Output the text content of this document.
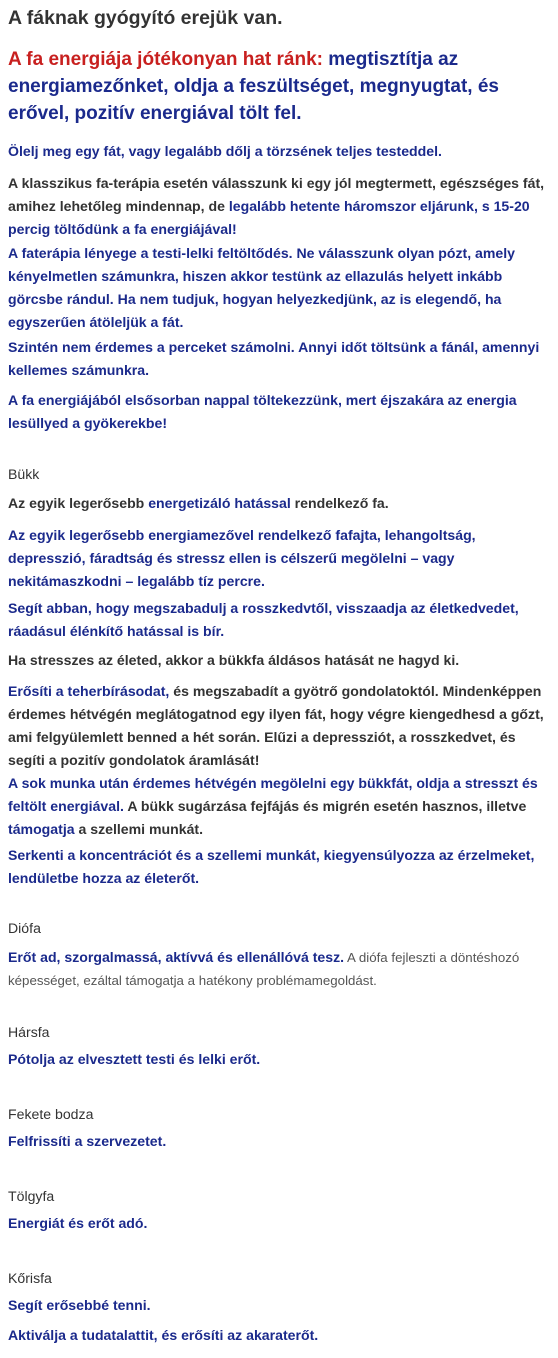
A fáknak gyógyító erejük van.
A fa energiája jótékonyan hat ránk: megtisztítja az energiamezőnket, oldja a feszültséget, megnyugtat, és erővel, pozitív energiával tölt fel.
Ölelj meg egy fát, vagy legalább dőlj a törzsének teljes testeddel.
A klasszikus fa-terápia esetén válasszunk ki egy jól megtermett, egészséges fát, amihez lehetőleg mindennap, de legalább hetente háromszor eljárunk, s 15-20 percig töltődünk a fa energiájával!
A faterápia lényege a testi-lelki feltöltődés. Ne válasszunk olyan pózt, amely kényelmetlen számunkra, hiszen akkor testünk az ellazulás helyett inkább görcsbe rándul. Ha nem tudjuk, hogyan helyezkedjünk, az is elegendő, ha egyszerűen átöleljük a fát.
Szintén nem érdemes a perceket számolni. Annyi időt töltsünk a fánál, amennyi kellemes számunkra.
A fa energiájából elsősorban nappal töltekezzünk, mert éjszakára az energia lesüllyed a gyökerekbe!
Bükk
Az egyik legerősebb energetizáló hatással rendelkező fa.
Az egyik legerősebb energiamezővel rendelkező fafajta, lehangoltság, depresszió, fáradtság és stressz ellen is célszerű megölelni – vagy nekitámaszkodni – legalább tíz percre.
Segít abban, hogy megszabadulj a rosszkedvtől, visszaadja az életkedvedet, ráadásul élénkítő hatással is bír.
Ha stresszes az életed, akkor a bükkfa áldásos hatását ne hagyd ki.
Erősíti a teherbírásodat, és megszabadít a gyötrő gondolatoktól. Mindenképpen érdemes hétvégén meglátogatnod egy ilyen fát, hogy végre kiengedhesd a gőzt, ami felgyülemlett benned a hét során. Elűzi a depressziót, a rosszkedvet, és segíti a pozitív gondolatok áramlását!
A sok munka után érdemes hétvégén megölelni egy bükkfát, oldja a stresszt és feltölt energiával. A bükk sugárzása fejfájás és migrén esetén hasznos, illetve támogatja a szellemi munkát.
Serkenti a koncentrációt és a szellemi munkát, kiegyensúlyozza az érzelmeket, lendületbe hozza az életerőt.
Diófa
Erőt ad, szorgalmassá, aktívvá és ellenállóvá tesz. A diófa fejleszti a döntéshozó képességet, ezáltal támogatja a hatékony problémamegoldást.
Hársfa
Pótolja az elvesztett testi és lelki erőt.
Fekete bodza
Felfrissíti a szervezetet.
Tölgyfa
Energiát és erőt adó.
Kőrisfa
Segít erősebbé tenni.
Aktiválja a tudatalattit, és erősíti az akaraterőt.
